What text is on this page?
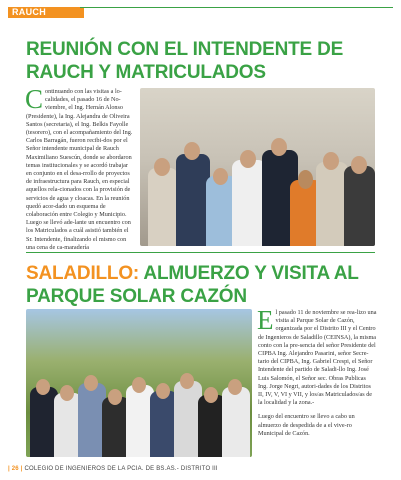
RAUCH
REUNIÓN CON EL INTENDENTE DE
RAUCH Y MATRICULADOS
Continuando con las visitas a lo-calidades, el pasado 16 de No-viembre, el Ing. Hernán Alonso (Presidente), la Ing. Alejandra de Oliveira Santos (secretaria), el Ing. Belkis Fayolle (tesorero), con el acompañamiento del Ing. Carlos Barragán, fueron recibi-dos por el Señor intendente municipal de Rauch Maximiliano Suescún, donde se abordaron temas institucionales y se acordó trabajar en conjunto en el desa-rrollo de proyectos de infraestructura para Rauch, en especial aquellos rela-cionados con la provisión de servicios de agua y cloacas. En la reunión quedó acor-dado un esquema de colaboración entre Colegio y Municipio. Luego se llevó ade-lante un encuentro con los Matriculados a cuál asistió también el Sr. Intendente, finalizando el mismo con una cena de ca-maradería
SALADILLO: ALMUERZO Y VISITA AL
PARQUE SOLAR CAZÓN

El pasado 11 de noviembre se rea-lizo una visita al Parque Solar de Cazón, organizada por el Distrito III y el Centro de Ingenieros de Saladillo (CEINSA), la misma conto con la pre-sencia del señor Presidente del CIPBA Ing. Alejandro Pasarini, señor Secre-tario del CIPBA, Ing. Gabriel Crespi, el Señor Intendente del partido de Saladi-llo Ing. José Luis Salomón, el Señor sec. Obras Publicas Ing. Jorge Negri, autori-dades de los Distritos II, IV, V, VI y VII, y los/as Matriculados/as de la localidad y la zona.-

Luego del encuentro se llevo a cabo un almuerzo de despedida de a el vive-ro Municipal de Cazón.

| 26 | COLEGIO DE INGENIEROS DE LA PCIA. DE BS.AS.- DISTRITO III
